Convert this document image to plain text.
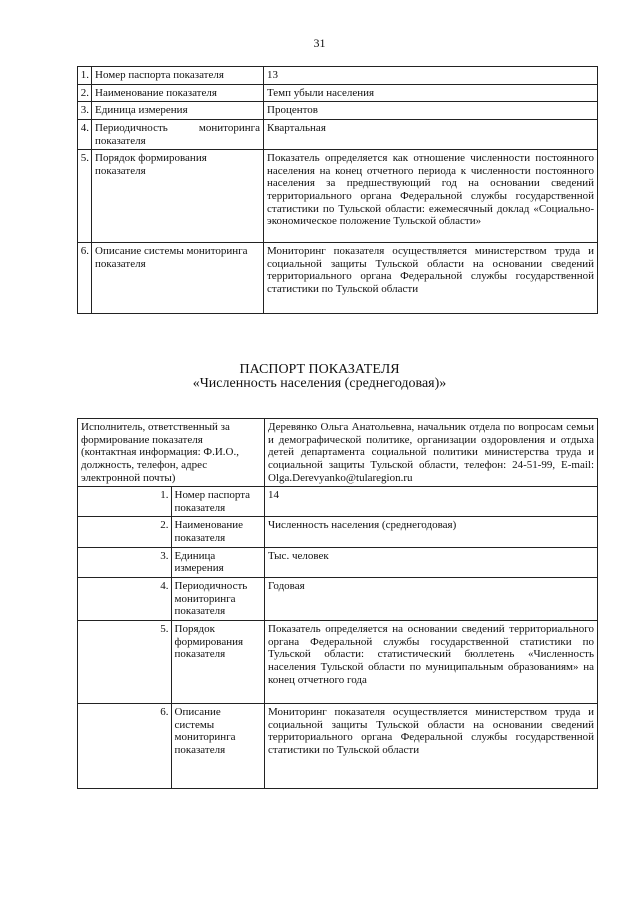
31
1.	Номер паспорта показателя	13
2.	Наименование показателя	Темп убыли населения
3.	Единица измерения	Процентов
4.	Периодичность мониторинга показателя	Квартальная
5.	Порядок формирования показателя	Показатель определяется как отношение численности постоянного населения на конец отчетного периода к численности постоянного населения за предшествующий год на основании сведений территориального органа Федеральной службы государственной статистики по Тульской области: ежемесячный доклад «Социально-экономическое положение Тульской области»
6.	Описание системы мониторинга показателя	Мониторинг показателя осуществляется министерством труда и социальной защиты Тульской области на основании сведений территориального органа Федеральной службы государственной статистики по Тульской области
ПАСПОРТ ПОКАЗАТЕЛЯ
«Численность населения (среднегодовая)»
Исполнитель, ответственный за формирование показателя (контактная информация: Ф.И.О., должность, телефон, адрес электронной почты)		Деревянко Ольга Анатольевна, начальник отдела по вопросам семьи и демографической политике, организации оздоровления и отдыха детей департамента социальной политики министерства труда и социальной защиты Тульской области, телефон: 24-51-99, E-mail: Olga.Derevyanko@tularegion.ru
1.	Номер паспорта показателя	14
2.	Наименование показателя	Численность населения (среднегодовая)
3.	Единица измерения	Тыс. человек
4.	Периодичность мониторинга показателя	Годовая
5.	Порядок формирования показателя	Показатель определяется на основании сведений территориального органа Федеральной службы государственной статистики по Тульской области: статистический бюллетень «Численность населения Тульской области по муниципальным образованиям» на конец отчетного года
6.	Описание системы мониторинга показателя	Мониторинг показателя осуществляется министерством труда и социальной защиты Тульской области на основании сведений территориального органа Федеральной службы государственной статистики по Тульской области
